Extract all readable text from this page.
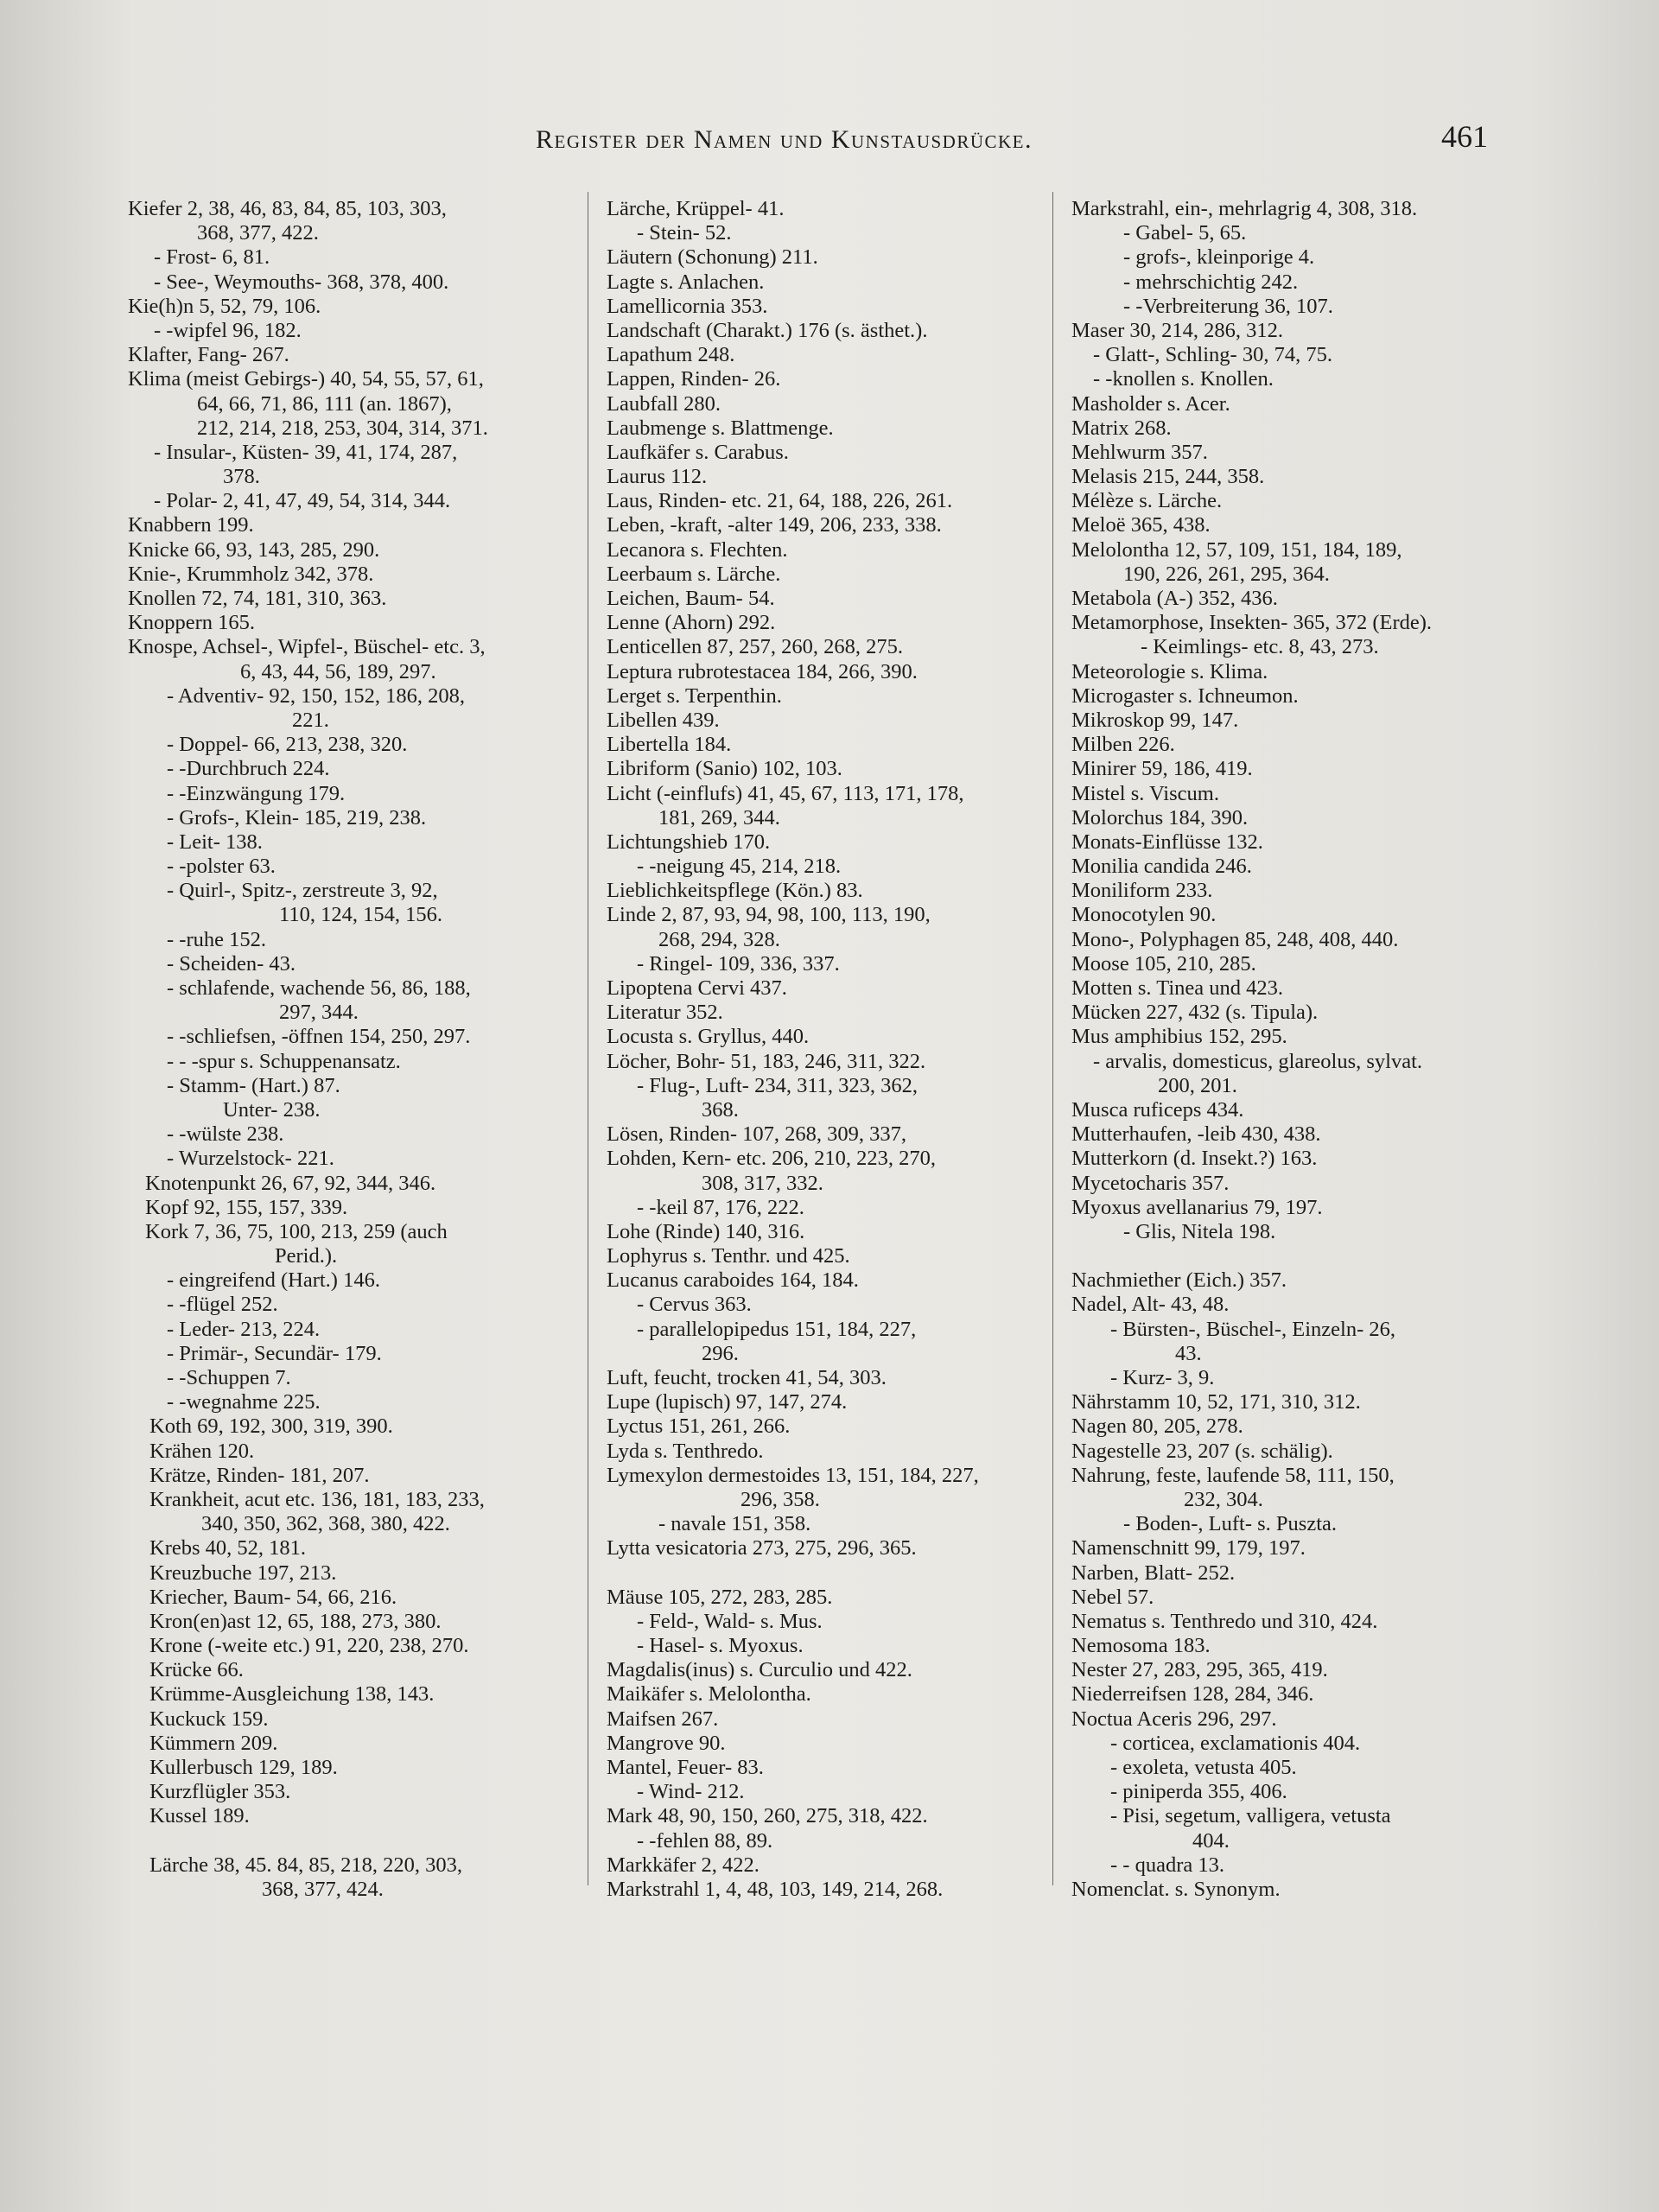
Register der Namen und Kunstausdrücke.	461
Kiefer 2, 38, 46, 83, 84, 85, 103, 303,
368, 377, 422.
- Frost- 6, 81.
- See-, Weymouths- 368, 378, 400.
Kie(h)n 5, 52, 79, 106.
- -wipfel 96, 182.
Klafter, Fang- 267.
Klima (meist Gebirgs-) 40, 54, 55, 57, 61,
64, 66, 71, 86, 111 (an. 1867),
212, 214, 218, 253, 304, 314, 371.
- Insular-, Küsten- 39, 41, 174, 287,
378.
- Polar- 2, 41, 47, 49, 54, 314, 344.
Knabbern 199.
Knicke 66, 93, 143, 285, 290.
Knie-, Krummholz 342, 378.
Knollen 72, 74, 181, 310, 363.
Knoppern 165.
Knospe, Achsel-, Wipfel-, Büschel- etc. 3,
6, 43, 44, 56, 189, 297.
- Adventiv- 92, 150, 152, 186, 208,
221.
- Doppel- 66, 213, 238, 320.
- -Durchbruch 224.
- -Einzwängung 179.
- Grofs-, Klein- 185, 219, 238.
- Leit- 138.
- -polster 63.
- Quirl-, Spitz-, zerstreute 3, 92,
110, 124, 154, 156.
- -ruhe 152.
- Scheiden- 43.
- schlafende, wachende 56, 86, 188,
297, 344.
- -schliefsen, -öffnen 154, 250, 297.
- - -spur s. Schuppenansatz.
- Stamm- (Hart.) 87.
Unter- 238.
- -wülste 238.
- Wurzelstock- 221.
Knotenpunkt 26, 67, 92, 344, 346.
Kopf 92, 155, 157, 339.
Kork 7, 36, 75, 100, 213, 259 (auch
Perid.).
- eingreifend (Hart.) 146.
- -flügel 252.
- Leder- 213, 224.
- Primär-, Secundär- 179.
- -Schuppen 7.
- -wegnahme 225.
Koth 69, 192, 300, 319, 390.
Krähen 120.
Krätze, Rinden- 181, 207.
Krankheit, acut etc. 136, 181, 183, 233,
340, 350, 362, 368, 380, 422.
Krebs 40, 52, 181.
Kreuzbuche 197, 213.
Kriecher, Baum- 54, 66, 216.
Kron(en)ast 12, 65, 188, 273, 380.
Krone (-weite etc.) 91, 220, 238, 270.
Krücke 66.
Krümme-Ausgleichung 138, 143.
Kuckuck 159.
Kümmern 209.
Kullerbusch 129, 189.
Kurzflügler 353.
Kussel 189.
Lärche 38, 45. 84, 85, 218, 220, 303,
368, 377, 424.
Lärche, Krüppel- 41.
- Stein- 52.
Läutern (Schonung) 211.
Lagte s. Anlachen.
Lamellicornia 353.
Landschaft (Charakt.) 176 (s. ästhet.).
Lapathum 248.
Lappen, Rinden- 26.
Laubfall 280.
Laubmenge s. Blattmenge.
Laufkäfer s. Carabus.
Laurus 112.
Laus, Rinden- etc. 21, 64, 188, 226, 261.
Leben, -kraft, -alter 149, 206, 233, 338.
Lecanora s. Flechten.
Leerbaum s. Lärche.
Leichen, Baum- 54.
Lenne (Ahorn) 292.
Lenticellen 87, 257, 260, 268, 275.
Leptura rubrotestacea 184, 266, 390.
Lerget s. Terpenthin.
Libellen 439.
Libertella 184.
Libriform (Sanio) 102, 103.
Licht (-einflufs) 41, 45, 67, 113, 171, 178,
181, 269, 344.
Lichtungshieb 170.
- -neigung 45, 214, 218.
Lieblichkeitspflege (Kön.) 83.
Linde 2, 87, 93, 94, 98, 100, 113, 190,
268, 294, 328.
- Ringel- 109, 336, 337.
Lipoptena Cervi 437.
Literatur 352.
Locusta s. Gryllus, 440.
Löcher, Bohr- 51, 183, 246, 311, 322.
- Flug-, Luft- 234, 311, 323, 362,
368.
Lösen, Rinden- 107, 268, 309, 337,
Lohden, Kern- etc. 206, 210, 223, 270,
308, 317, 332.
- -keil 87, 176, 222.
Lohe (Rinde) 140, 316.
Lophyrus s. Tenthr. und 425.
Lucanus caraboides 164, 184.
- Cervus 363.
- parallelopipedus 151, 184, 227,
296.
Luft, feucht, trocken 41, 54, 303.
Lupe (lupisch) 97, 147, 274.
Lyctus 151, 261, 266.
Lyda s. Tenthredo.
Lymexylon dermestoides 13, 151, 184, 227,
296, 358.
- navale 151, 358.
Lytta vesicatoria 273, 275, 296, 365.
Mäuse 105, 272, 283, 285.
- Feld-, Wald- s. Mus.
- Hasel- s. Myoxus.
Magdalis(inus) s. Curculio und 422.
Maikäfer s. Melolontha.
Maifsen 267.
Mangrove 90.
Mantel, Feuer- 83.
- Wind- 212.
Mark 48, 90, 150, 260, 275, 318, 422.
- -fehlen 88, 89.
Markkäfer 2, 422.
Markstrahl 1, 4, 48, 103, 149, 214, 268.
Markstrahl, ein-, mehrlagrig 4, 308, 318.
- Gabel- 5, 65.
- grofs-, kleinporige 4.
- mehrschichtig 242.
- -Verbreiterung 36, 107.
Maser 30, 214, 286, 312.
- Glatt-, Schling- 30, 74, 75.
- -knollen s. Knollen.
Masholder s. Acer.
Matrix 268.
Mehlwurm 357.
Melasis 215, 244, 358.
Mélèze s. Lärche.
Meloë 365, 438.
Melolontha 12, 57, 109, 151, 184, 189,
190, 226, 261, 295, 364.
Metabola (A-) 352, 436.
Metamorphose, Insekten- 365, 372 (Erde).
- Keimlings- etc. 8, 43, 273.
Meteorologie s. Klima.
Microgaster s. Ichneumon.
Mikroskop 99, 147.
Milben 226.
Minirer 59, 186, 419.
Mistel s. Viscum.
Molorchus 184, 390.
Monats-Einflüsse 132.
Monilia candida 246.
Moniliform 233.
Monocotylen 90.
Mono-, Polyphagen 85, 248, 408, 440.
Moose 105, 210, 285.
Motten s. Tinea und 423.
Mücken 227, 432 (s. Tipula).
Mus amphibius 152, 295.
- arvalis, domesticus, glareolus, sylvat.
200, 201.
Musca ruficeps 434.
Mutterhaufen, -leib 430, 438.
Mutterkorn (d. Insekt.?) 163.
Mycetocharis 357.
Myoxus avellanarius 79, 197.
- Glis, Nitela 198.
Nachmiether (Eich.) 357.
Nadel, Alt- 43, 48.
- Bürsten-, Büschel-, Einzeln- 26,
43.
- Kurz- 3, 9.
Nährstamm 10, 52, 171, 310, 312.
Nagen 80, 205, 278.
Nagestelle 23, 207 (s. schälig).
Nahrung, feste, laufende 58, 111, 150,
232, 304.
- Boden-, Luft- s. Puszta.
Namenschnitt 99, 179, 197.
Narben, Blatt- 252.
Nebel 57.
Nematus s. Tenthredo und 310, 424.
Nemosoma 183.
Nester 27, 283, 295, 365, 419.
Niederreifsen 128, 284, 346.
Noctua Aceris 296, 297.
- corticea, exclamationis 404.
- exoleta, vetusta 405.
- piniperda 355, 406.
- Pisi, segetum, valligera, vetusta
404.
- - quadra 13.
Nomenclat. s. Synonym.
